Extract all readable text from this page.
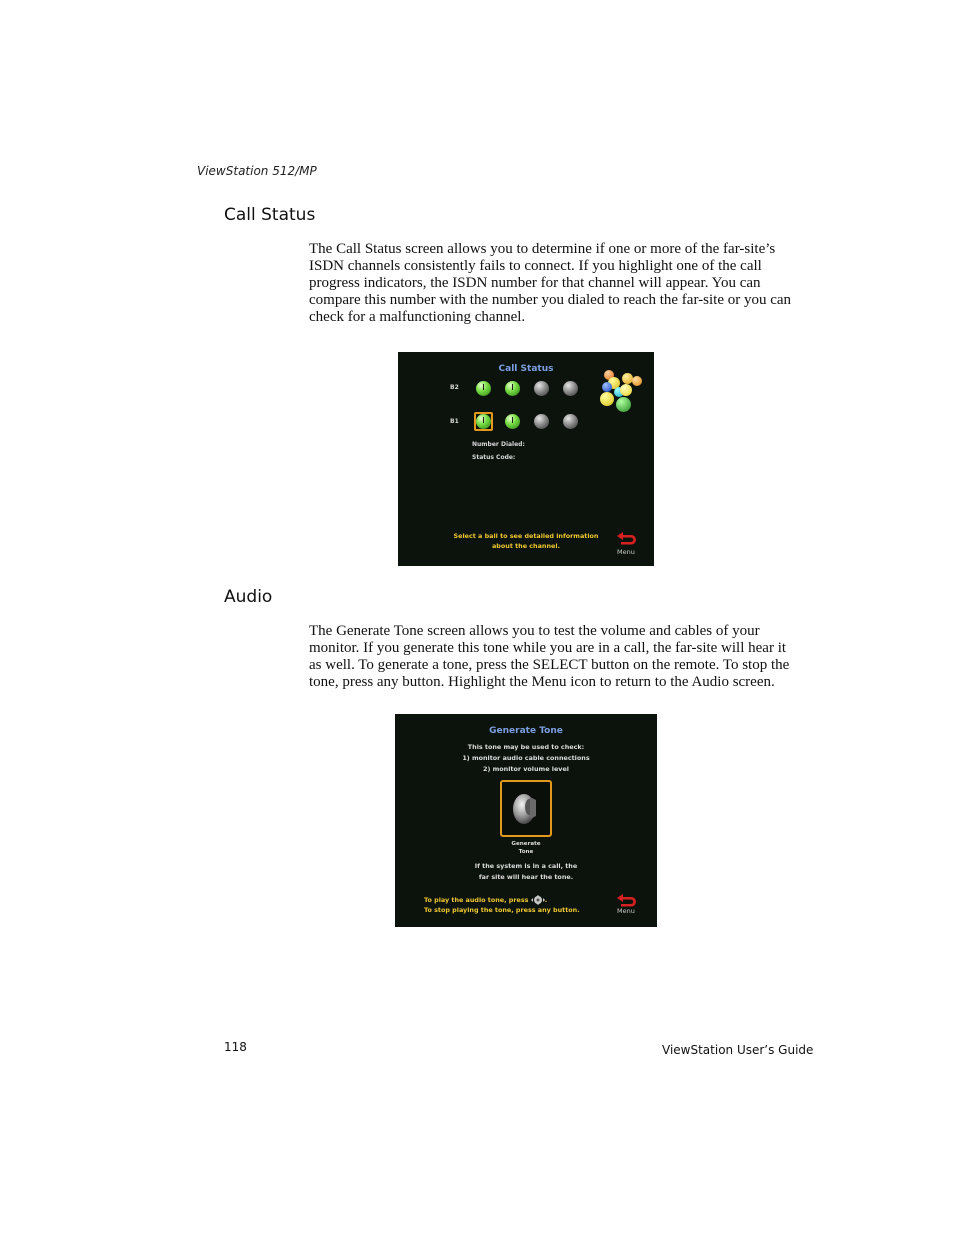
ViewStation 512/MP
Call Status
The Call Status screen allows you to determine if one or more of the far-site’s ISDN channels consistently fails to connect. If you highlight one of the call progress indicators, the ISDN number for that channel will appear. You can compare this number with the number you dialed to reach the far-site or you can check for a malfunctioning channel.
Call Status
B2
B1
Number Dialed:
Status Code:
Select a ball to see detailed information
about the channel.
Menu
Audio
The Generate Tone screen allows you to test the volume and cables of your monitor. If you generate this tone while you are in a call, the far-site will hear it as well. To generate a tone, press the SELECT button on the remote. To stop the tone, press any button. Highlight the Menu icon to return to the Audio screen.
Generate Tone
This tone may be used to check:
1) monitor audio cable connections
2) monitor volume level
Generate
Tone
If the system is in a call, the
far site will hear the tone.
To play the audio tone, press	.
To stop playing the tone, press any button.	Menu
118	ViewStation User’s Guide
